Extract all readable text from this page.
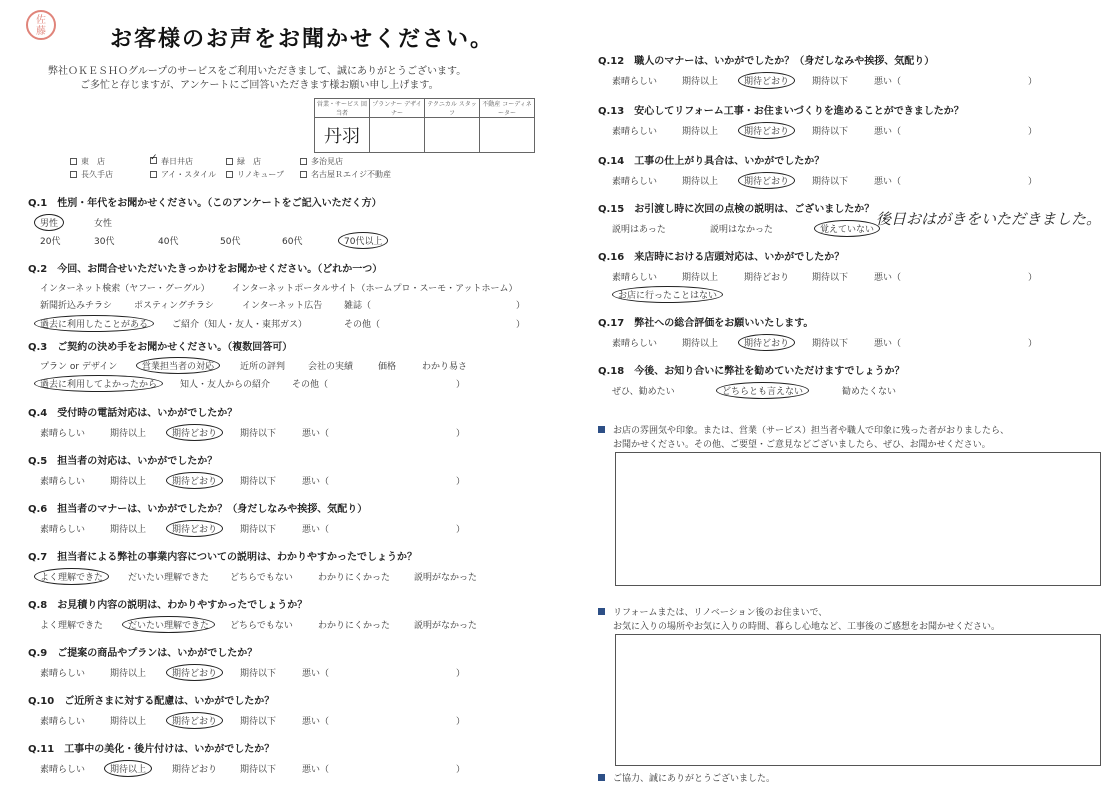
佐
藤	お客様のお声をお聞かせください。
弊社ＯＫＥＳＨＯグループのサービスをご利用いただきまして、誠にありがとうございます。
ご多忙と存じますが、アンケートにご回答いただきます様お願い申し上げます。
営業・サービス 回当者	プランナー デザイナー	テクニカル スタッフ	不動産 コーディネーター
丹羽			
東　店 ✓	春日井店	緑　店	多治見店
長久手店	アイ・スタイル	リノキューブ	名古屋Ｒエイジ不動産
Q.1　性別・年代をお聞かせください。（このアンケートをご記入いただく方）
男性	女性
20代	30代	40代	50代	60代	70代以上
Q.2　今回、お問合せいただいたきっかけをお聞かせください。（どれか一つ）
インターネット検索（ヤフー・グーグル） インターネットポータルサイト（ホームプロ・スーモ・アットホーム）
新聞折込みチラシ ポスティングチラシ	インターネット広告 雑誌（	）
過去に利用したことがある	ご紹介（知人・友人・東邦ガス）	その他（	）
Q.3　ご契約の決め手をお聞かせください。（複数回答可）
プラン or デザイン	営業担当者の対応	近所の評判	会社の実績	価格	わかり易さ
過去に利用してよかったから	知人・友人からの紹介 その他（	）
Q.4　受付時の電話対応は、いかがでしたか？
素晴らしい	期待以上	期待どおり	期待以下	悪い（	）
Q.5　担当者の対応は、いかがでしたか？
素晴らしい	期待以上	期待どおり	期待以下	悪い（	）
Q.6　担当者のマナーは、いかがでしたか？（身だしなみや挨拶、気配り）
素晴らしい	期待以上	期待どおり	期待以下	悪い（	）
Q.7　担当者による弊社の事業内容についての説明は、わかりやすかったでしょうか？
よく理解できた	だいたい理解できた どちらでもない	わかりにくかった	説明がなかった
Q.8　お見積り内容の説明は、わかりやすかったでしょうか？
よく理解できた	だいたい理解できた	どちらでもない	わかりにくかった	説明がなかった
Q.9　ご提案の商品やプランは、いかがでしたか？
素晴らしい	期待以上	期待どおり	期待以下	悪い（	）
Q.10　ご近所さまに対する配慮は、いかがでしたか？
素晴らしい	期待以上	期待どおり	期待以下	悪い（	）
Q.11　工事中の美化・後片付けは、いかがでしたか？
素晴らしい	期待以上	期待どおり	期待以下	悪い（	）
Q.12　職人のマナーは、いかがでしたか？（身だしなみや挨拶、気配り）
素晴らしい	期待以上	期待どおり	期待以下	悪い（	）
Q.13　安心してリフォーム工事・お住まいづくりを進めることができましたか？
素晴らしい	期待以上	期待どおり	期待以下	悪い（	）
Q.14　工事の仕上がり具合は、いかがでしたか？
素晴らしい	期待以上	期待どおり	期待以下	悪い（	）
Q.15　お引渡し時に次回の点検の説明は、ございましたか？
説明はあった	説明はなかった	覚えていない
後日おはがきをいただきました。
Q.16　来店時における店頭対応は、いかがでしたか？
素晴らしい	期待以上	期待どおり	期待以下	悪い（	）
お店に行ったことはない
Q.17　弊社への総合評価をお願いいたします。
素晴らしい	期待以上	期待どおり	期待以下	悪い（	）
Q.18　今後、お知り合いに弊社を勧めていただけますでしょうか？
ぜひ、勧めたい	どちらとも言えない	勧めたくない
お店の雰囲気や印象。または、営業（サービス）担当者や職人で印象に残った者がおりましたら、
お聞かせください。その他、ご要望・ご意見などございましたら、ぜひ、お聞かせください。
リフォームまたは、リノベーション後のお住まいで、
お気に入りの場所やお気に入りの時間、暮らし心地など、工事後のご感想をお聞かせください。
ご協力、誠にありがとうございました。
